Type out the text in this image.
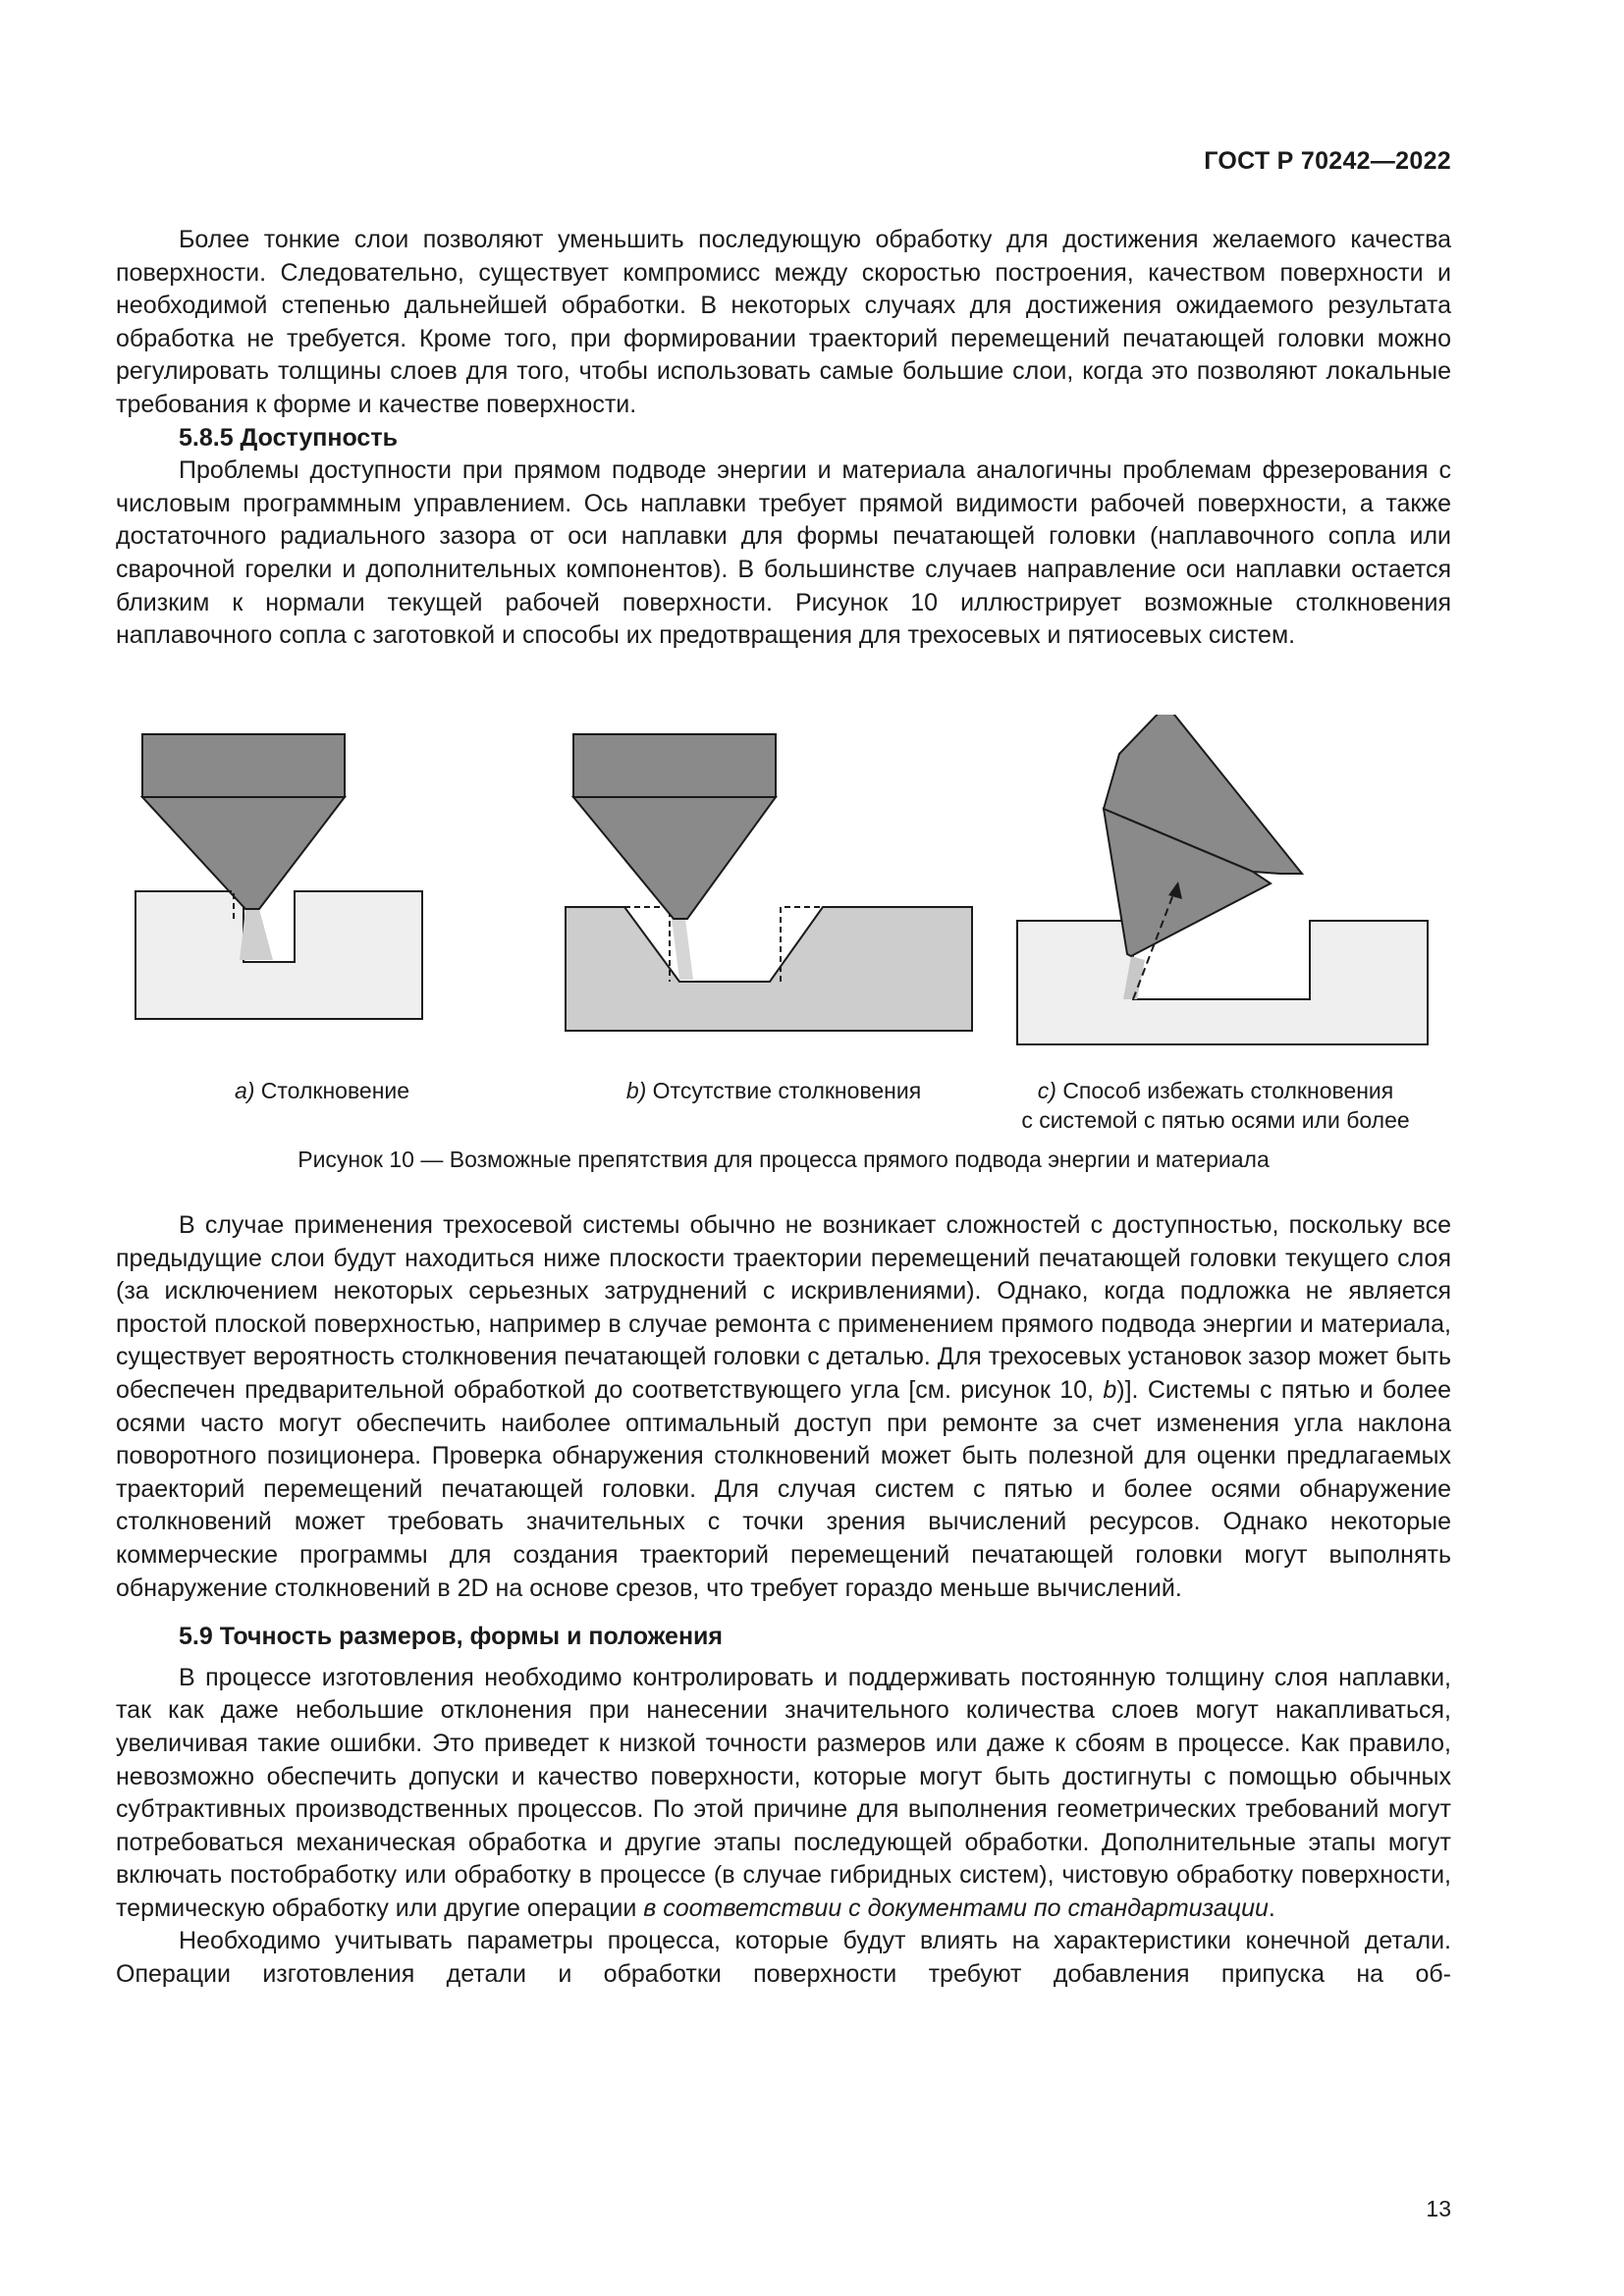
ГОСТ Р 70242—2022

Более тонкие слои позволяют уменьшить последующую обработку для достижения желаемого качества поверхности. Следовательно, существует компромисс между скоростью построения, качеством поверхности и необходимой степенью дальнейшей обработки. В некоторых случаях для достижения ожидаемого результата обработка не требуется. Кроме того, при формировании траекторий перемещений печатающей головки можно регулировать толщины слоев для того, чтобы использовать самые большие слои, когда это позволяют локальные требования к форме и качестве поверхности.

5.8.5 Доступность

Проблемы доступности при прямом подводе энергии и материала аналогичны проблемам фрезерования с числовым программным управлением. Ось наплавки требует прямой видимости рабочей поверхности, а также достаточного радиального зазора от оси наплавки для формы печатающей головки (наплавочного сопла или сварочной горелки и дополнительных компонентов). В большинстве случаев направление оси наплавки остается близким к нормали текущей рабочей поверхности. Рисунок 10 иллюстрирует возможные столкновения наплавочного сопла с заготовкой и способы их предотвращения для трехосевых и пятиосевых систем.

a) Столкновение	b) Отсутствие столкновения	c) Способ избежать столкновения
с системой с пятью осями или более
Рисунок 10 — Возможные препятствия для процесса прямого подвода энергии и материала

В случае применения трехосевой системы обычно не возникает сложностей с доступностью, поскольку все предыдущие слои будут находиться ниже плоскости траектории перемещений печатающей головки текущего слоя (за исключением некоторых серьезных затруднений с искривлениями). Однако, когда подложка не является простой плоской поверхностью, например в случае ремонта с применением прямого подвода энергии и материала, существует вероятность столкновения печатающей головки с деталью. Для трехосевых установок зазор может быть обеспечен предварительной обработкой до соответствующего угла [см. рисунок 10, b)]. Системы с пятью и более осями часто могут обеспечить наиболее оптимальный доступ при ремонте за счет изменения угла наклона поворотного позиционера. Проверка обнаружения столкновений может быть полезной для оценки предлагаемых траекторий перемещений печатающей головки. Для случая систем с пятью и более осями обнаружение столкновений может требовать значительных с точки зрения вычислений ресурсов. Однако некоторые коммерческие программы для создания траекторий перемещений печатающей головки могут выполнять обнаружение столкновений в 2D на основе срезов, что требует гораздо меньше вычислений.

5.9 Точность размеров, формы и положения

В процессе изготовления необходимо контролировать и поддерживать постоянную толщину слоя наплавки, так как даже небольшие отклонения при нанесении значительного количества слоев могут накапливаться, увеличивая такие ошибки. Это приведет к низкой точности размеров или даже к сбоям в процессе. Как правило, невозможно обеспечить допуски и качество поверхности, которые могут быть достигнуты с помощью обычных субтрактивных производственных процессов. По этой причине для выполнения геометрических требований могут потребоваться механическая обработка и другие этапы последующей обработки. Дополнительные этапы могут включать постобработку или обработку в процессе (в случае гибридных систем), чистовую обработку поверхности, термическую обработку или другие операции в соответствии с документами по стандартизации.

Необходимо учитывать параметры процесса, которые будут влиять на характеристики конечной детали. Операции изготовления детали и обработки поверхности требуют добавления припуска на об-

13
